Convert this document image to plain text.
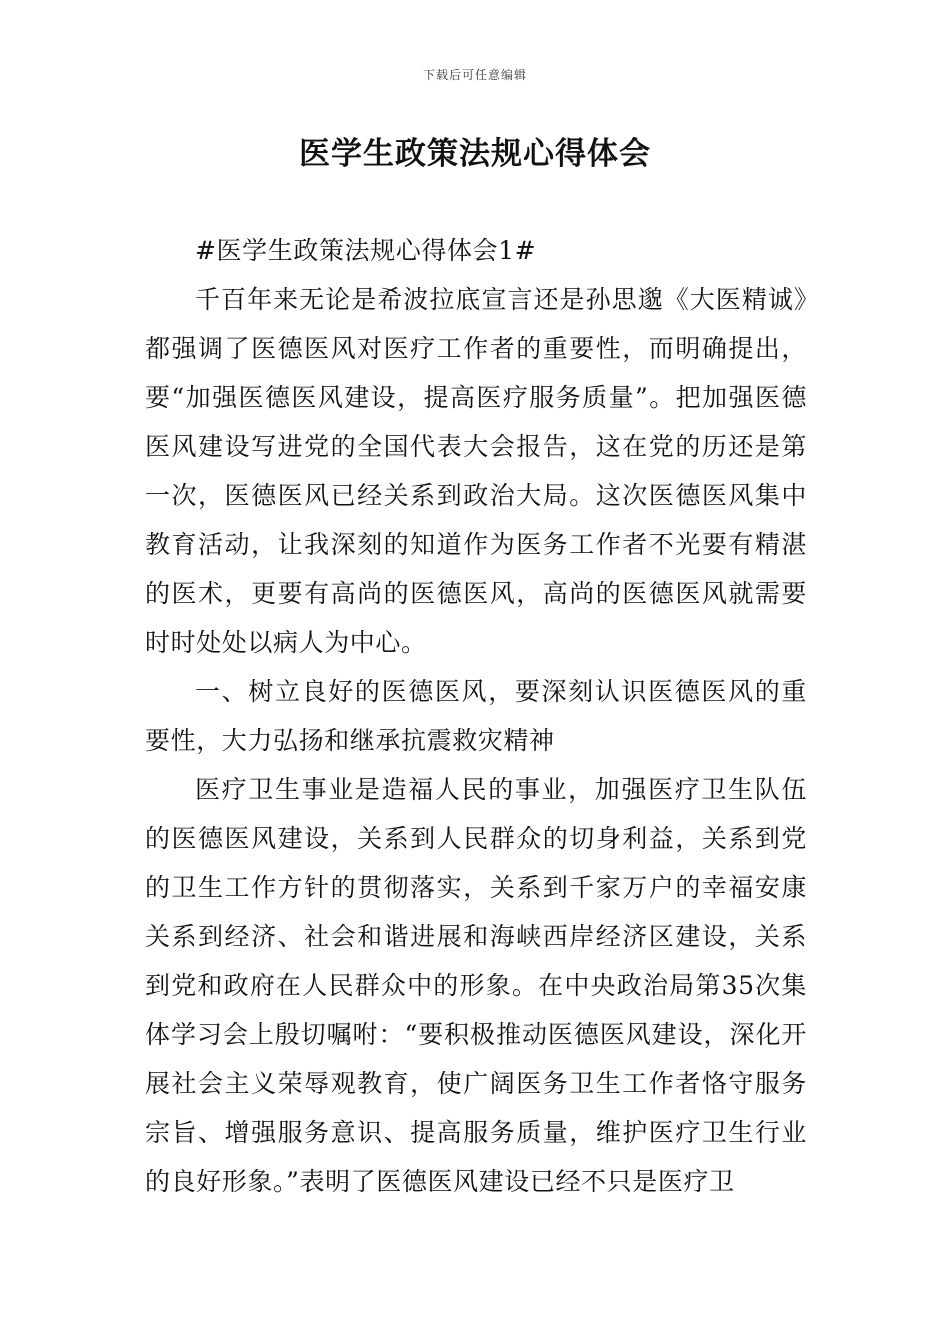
下载后可任意编辑
医学生政策法规心得体会

#医学生政策法规心得体会1#

千百年来无论是希波拉底宣言还是孙思邈《大医精诚》都强调了医德医风对医疗工作者的重要性，而明确提出，要“加强医德医风建设，提高医疗服务质量”。把加强医德医风建设写进党的全国代表大会报告，这在党的历还是第一次，医德医风已经关系到政治大局。这次医德医风集中教育活动，让我深刻的知道作为医务工作者不光要有精湛的医术，更要有高尚的医德医风，高尚的医德医风就需要时时处处以病人为中心。

一、树立良好的医德医风，要深刻认识医德医风的重要性，大力弘扬和继承抗震救灾精神

医疗卫生事业是造福人民的事业，加强医疗卫生队伍的医德医风建设，关系到人民群众的切身利益，关系到党的卫生工作方针的贯彻落实，关系到千家万户的幸福安康关系到经济、社会和谐进展和海峡西岸经济区建设，关系到党和政府在人民群众中的形象。在中央政治局第35次集体学习会上殷切嘱咐：“要积极推动医德医风建设，深化开展社会主义荣辱观教育，使广阔医务卫生工作者恪守服务宗旨、增强服务意识、提高服务质量，维护医疗卫生行业的良好形象。”表明了医德医风建设已经不只是医疗卫
